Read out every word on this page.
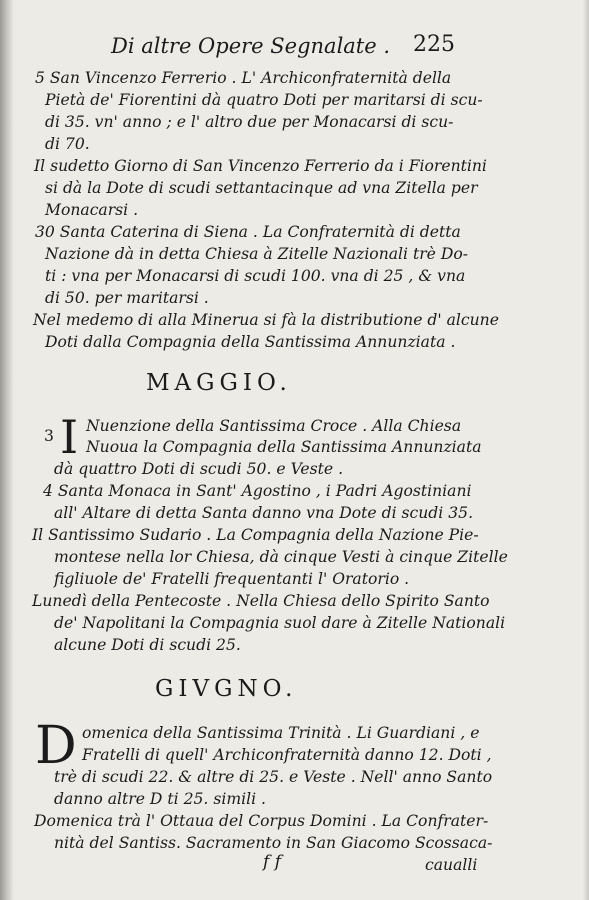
Di altre Opere Segnalate . 225
5 San Vincenzo Ferrerio . L' Archiconfraternità della
Pietà de' Fiorentini dà quatro Doti per maritarsi di scu-
di 35. vn' anno ; e l' altro due per Monacarsi di scu-
di 70.
Il sudetto Giorno di San Vincenzo Ferrerio da i Fiorentini
si dà la Dote di scudi settantacinque ad vna Zitella per
Monacarsi .
30 Santa Caterina di Siena . La Confraternità di detta
Nazione dà in detta Chiesa à Zitelle Nazionali trè Do-
ti : vna per Monacarsi di scudi 100. vna di 25 , & vna
di 50. per maritarsi .
Nel medemo di alla Minerua si fà la distributione d' alcune
Doti dalla Compagnia della Santissima Annunziata .
MAGGIO.
3 I Nuenzione della Santissima Croce . Alla Chiesa
Nuoua la Compagnia della Santissima Annunziata
dà quattro Doti di scudi 50. e Veste .
4 Santa Monaca in Sant' Agostino , i Padri Agostiniani
all' Altare di detta Santa danno vna Dote di scudi 35.
Il Santissimo Sudario . La Compagnia della Nazione Pie-
montese nella lor Chiesa, dà cinque Vesti à cinque Zitelle
figliuole de' Fratelli frequentanti l' Oratorio .
Lunedì della Pentecoste . Nella Chiesa dello Spirito Santo
de' Napolitani la Compagnia suol dare à Zitelle Nationali
alcune Doti di scudi 25.
GIVGNO.
D omenica della Santissima Trinità . Li Guardiani , e
Fratelli di quell' Archiconfraternità danno 12. Doti ,
trè di scudi 22. & altre di 25. e Veste . Nell' anno Santo
danno altre D ti 25. simili .
Domenica trà l' Ottaua del Corpus Domini . La Confrater-
nità del Santiss. Sacramento in San Giacomo Scossaca-
f f	caualli
